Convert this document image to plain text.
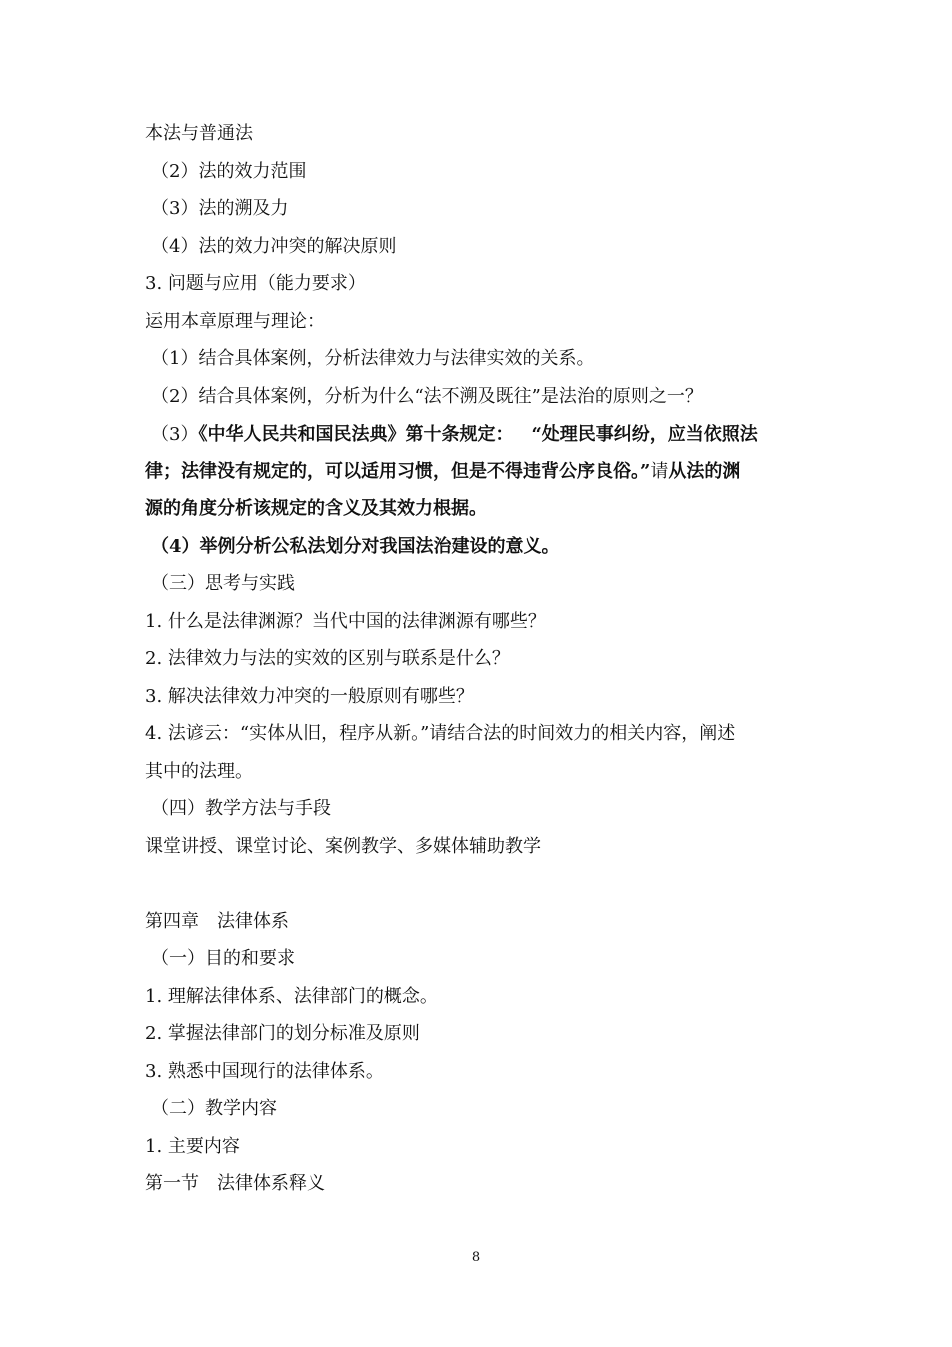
本法与普通法
（2）法的效力范围
（3）法的溯及力
（4）法的效力冲突的解决原则
3. 问题与应用（能力要求）
运用本章原理与理论：
（1）结合具体案例，分析法律效力与法律实效的关系。
（2）结合具体案例，分析为什么“法不溯及既往”是法治的原则之一？
（3）《中华人民共和国民法典》第十条规定： “处理民事纠纷，应当依照法
律；法律没有规定的，可以适用习惯，但是不得违背公序良俗。”请从法的渊
源的角度分析该规定的含义及其效力根据。
（4）举例分析公私法划分对我国法治建设的意义。
（三）思考与实践
1. 什么是法律渊源？当代中国的法律渊源有哪些？
2. 法律效力与法的实效的区别与联系是什么？
3. 解决法律效力冲突的一般原则有哪些？
4. 法谚云：“实体从旧，程序从新。”请结合法的时间效力的相关内容，阐述
其中的法理。
（四）教学方法与手段
课堂讲授、课堂讨论、案例教学、多媒体辅助教学
第四章　法律体系
（一）目的和要求
1. 理解法律体系、法律部门的概念。
2. 掌握法律部门的划分标准及原则
3. 熟悉中国现行的法律体系。
（二）教学内容
1. 主要内容
第一节　法律体系释义
8
